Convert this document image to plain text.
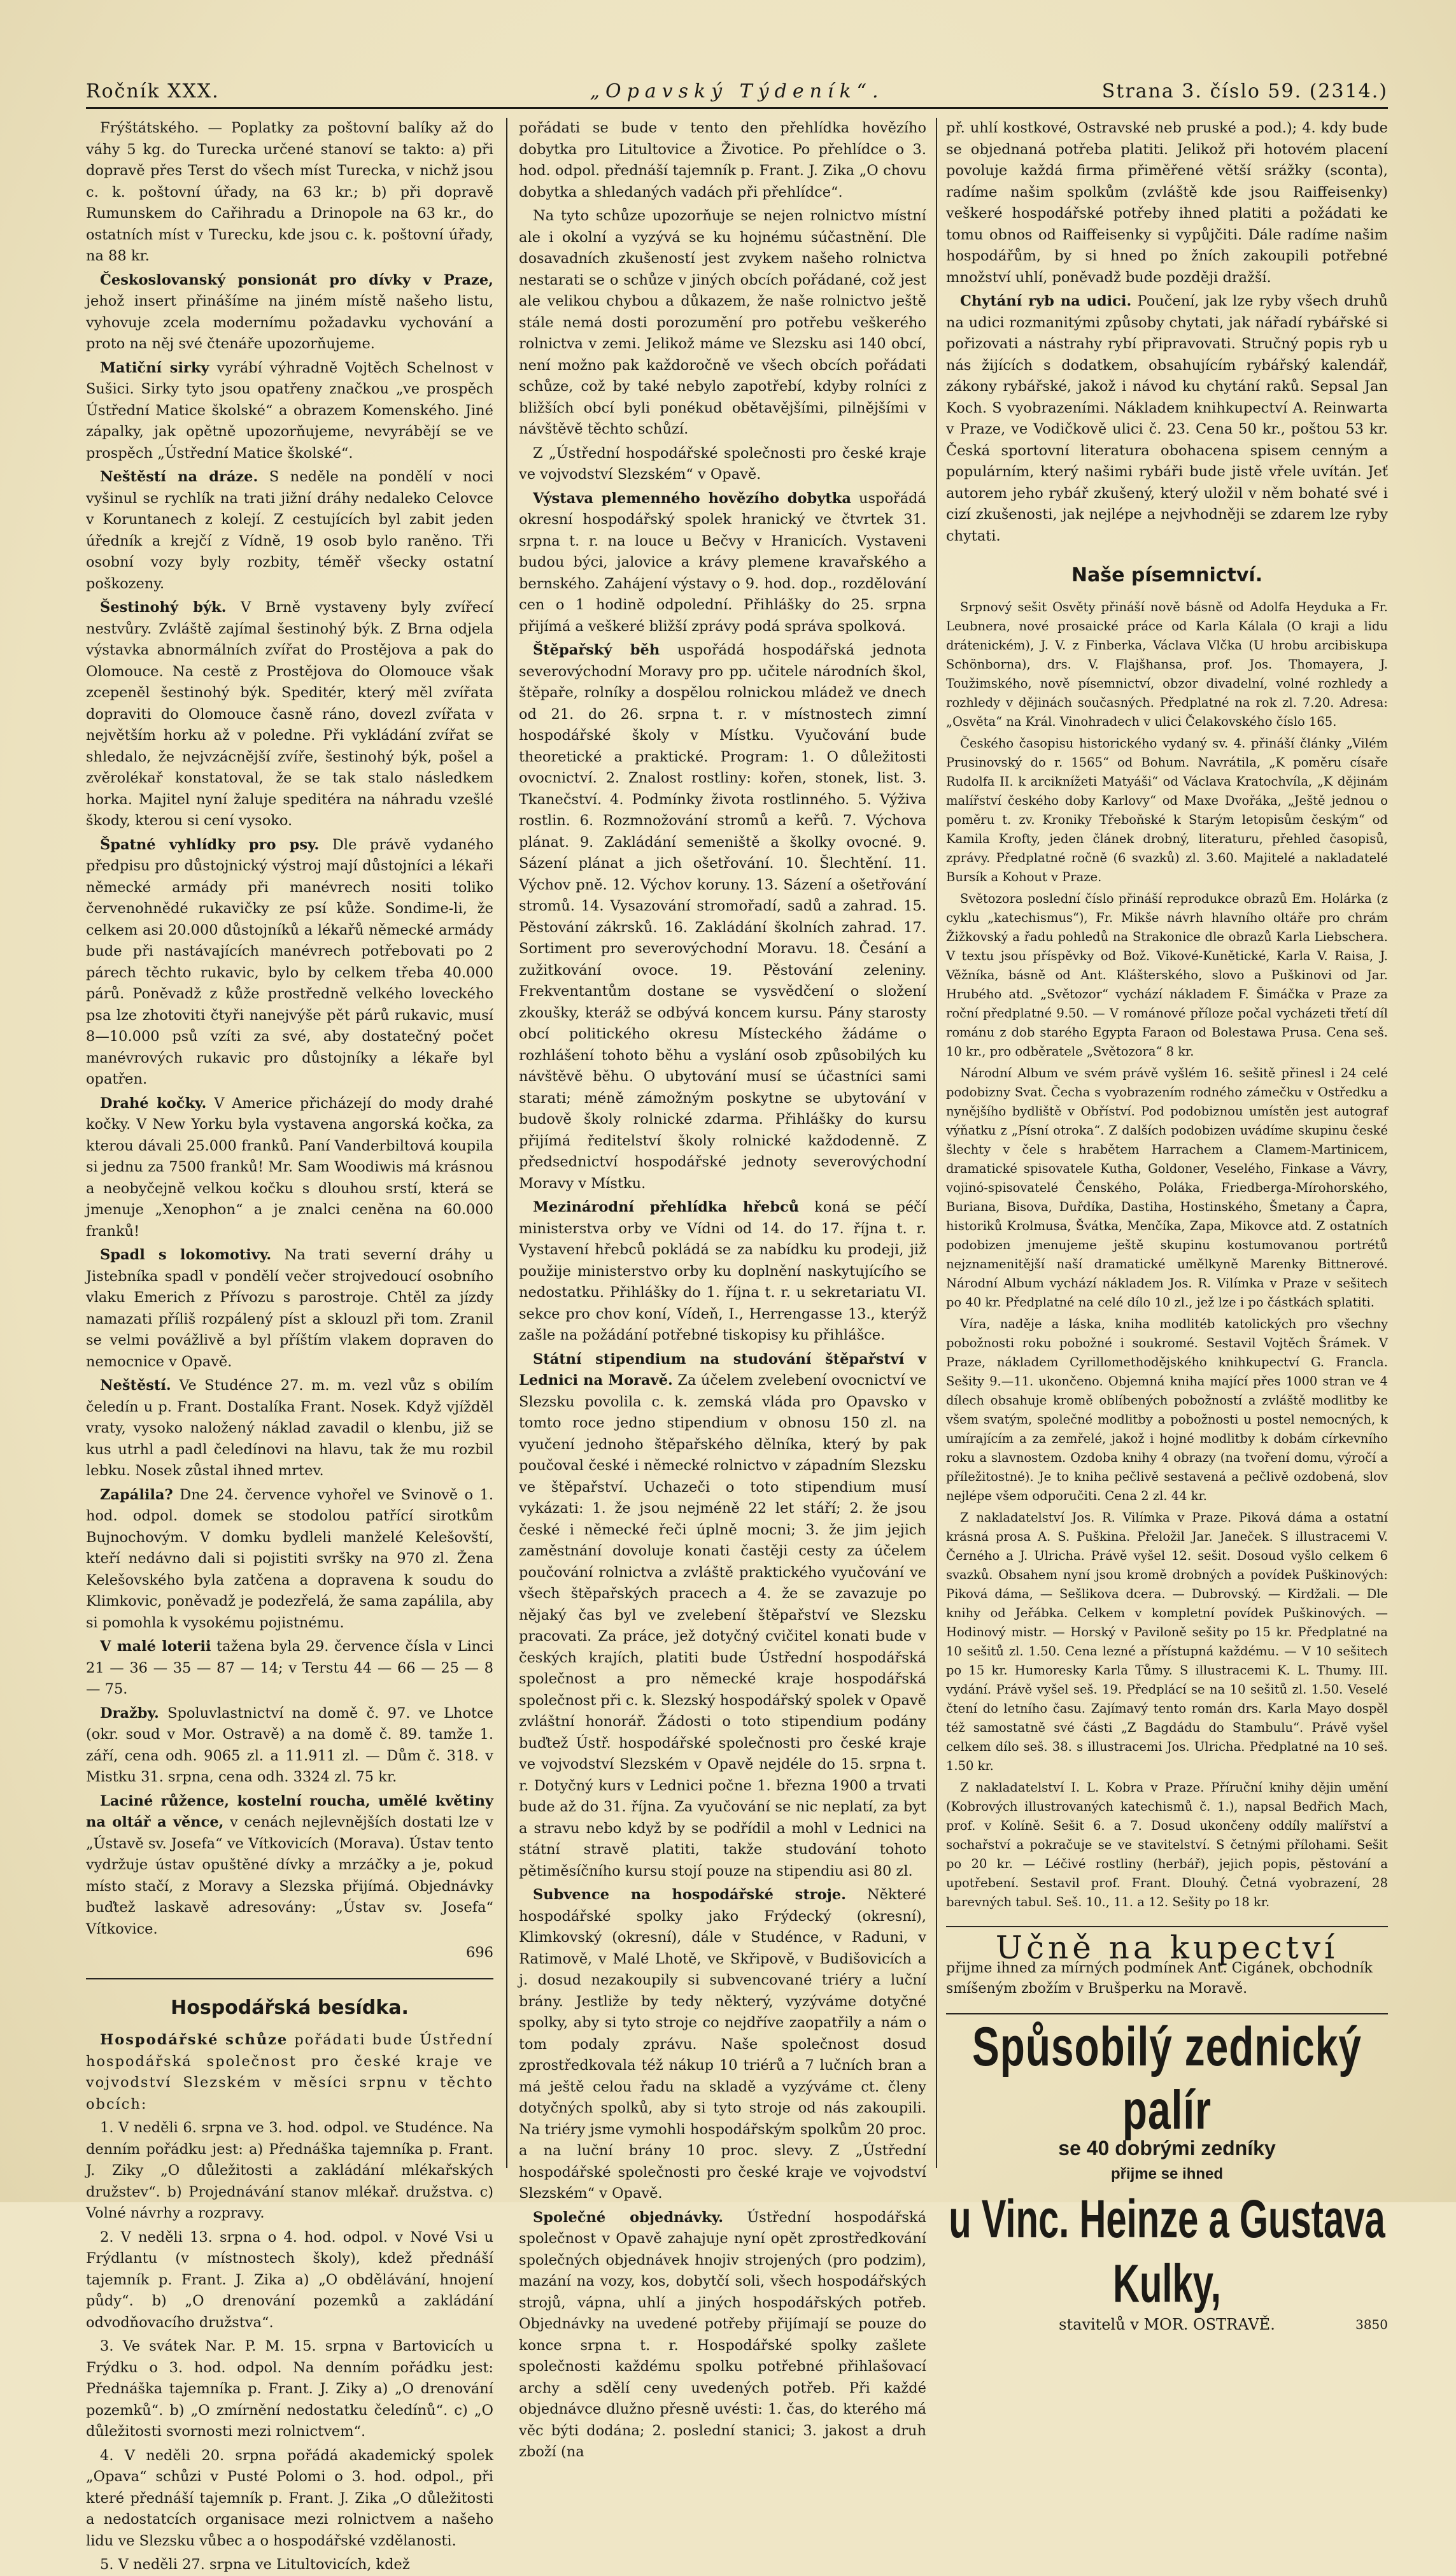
Ročník XXX.	„Opavský Týdeník“.	Strana 3. číslo 59. (2314.)

Frýštátského. — Poplatky za poštovní balíky až do váhy 5 kg. do Turecka určené stanoví se takto: a) při dopravě přes Terst do všech míst Turecka, v nichž jsou c. k. poštovní úřady, na 63 kr.; b) při dopravě Rumunskem do Cařihradu a Drinopole na 63 kr., do ostatních míst v Turecku, kde jsou c. k. poštovní úřady, na 88 kr.

Českoslovanský ponsionát pro dívky v Praze, jehož insert přinášíme na jiném místě našeho listu, vyhovuje zcela modernímu požadavku vychování a proto na něj své čtenáře upozorňujeme.

Matiční sirky vyrábí výhradně Vojtěch Schelnost v Sušici. Sirky tyto jsou opatřeny značkou „ve prospěch Ústřední Matice školské“ a obrazem Komenského. Jiné zápalky, jak opětně upozorňujeme, nevyrábějí se ve prospěch „Ústřední Matice školské“.

Neštěstí na dráze. S neděle na pondělí v noci vyšinul se rychlík na trati jižní dráhy nedaleko Celovce v Koruntanech z kolejí. Z cestujících byl zabit jeden úředník a krejčí z Vídně, 19 osob bylo raněno. Tři osobní vozy byly rozbity, téměř všecky ostatní poškozeny.

Šestinohý býk. V Brně vystaveny byly zvířecí nestvůry. Zvláště zajímal šestinohý býk. Z Brna odjela výstavka abnormálních zvířat do Prostějova a pak do Olomouce. Na cestě z Prostějova do Olomouce však zcepeněl šestinohý býk. Speditér, který měl zvířata dopraviti do Olomouce časně ráno, dovezl zvířata v největším horku až v poledne. Při vykládání zvířat se shledalo, že nejvzácnější zvíře, šestinohý býk, pošel a zvěrolékař konstatoval, že se tak stalo následkem horka. Majitel nyní žaluje speditéra na náhradu vzešlé škody, kterou si cení vysoko.

Špatné vyhlídky pro psy. Dle právě vydaného předpisu pro důstojnický výstroj mají důstojníci a lékaři německé armády při manévrech nositi toliko červenohnědé rukavičky ze psí kůže. Sondime-li, že celkem asi 20.000 důstojníků a lékařů německé armády bude při nastávajících manévrech potřebovati po 2 párech těchto rukavic, bylo by celkem třeba 40.000 párů. Poněvadž z kůže prostředně velkého loveckého psa lze zhotoviti čtyři nanejvýše pět párů rukavic, musí 8—10.000 psů vzíti za své, aby dostatečný počet manévrových rukavic pro důstojníky a lékaře byl opatřen.

Drahé kočky. V Americe přicházejí do mody drahé kočky. V New Yorku byla vystavena angorská kočka, za kterou dávali 25.000 franků. Paní Vanderbiltová koupila si jednu za 7500 franků! Mr. Sam Woodiwis má krásnou a neobyčejně velkou kočku s dlouhou srstí, která se jmenuje „Xenophon“ a je znalci ceněna na 60.000 franků!

Spadl s lokomotivy. Na trati severní dráhy u Jistebníka spadl v pondělí večer strojvedoucí osobního vlaku Emerich z Přívozu s parostroje. Chtěl za jízdy namazati příliš rozpálený píst a sklouzl při tom. Zranil se velmi povážlivě a byl příštím vlakem dopraven do nemocnice v Opavě.

Neštěstí. Ve Studénce 27. m. m. vezl vůz s obilím čeledín u p. Frant. Dostalíka Frant. Nosek. Když vjížděl vraty, vysoko naložený náklad zavadil o klenbu, již se kus utrhl a padl čeledínovi na hlavu, tak že mu rozbil lebku. Nosek zůstal ihned mrtev.

Zapálila? Dne 24. července vyhořel ve Svinově o 1. hod. odpol. domek se stodolou patřící sirotkům Bujnochovým. V domku bydleli manželé Kelešovští, kteří nedávno dali si pojistiti svršky na 970 zl. Žena Kelešovského byla zatčena a dopravena k soudu do Klimkovic, poněvadž je podezřelá, že sama zapálila, aby si pomohla k vysokému pojistnému.

V malé loterii tažena byla 29. července čísla v Linci 21 — 36 — 35 — 87 — 14; v Terstu 44 — 66 — 25 — 8 — 75.

Dražby. Spoluvlastnictví na domě č. 97. ve Lhotce (okr. soud v Mor. Ostravě) a na domě č. 89. tamže 1. září, cena odh. 9065 zl. a 11.911 zl. — Dům č. 318. v Mistku 31. srpna, cena odh. 3324 zl. 75 kr.

Laciné růžence, kostelní roucha, umělé květiny na oltář a věnce, v cenách nejlevnějších dostati lze v „Ústavě sv. Josefa“ ve Vítkovicích (Morava). Ústav tento vydržuje ústav opuštěné dívky a mrzáčky a je, pokud místo stačí, z Moravy a Slezska přijímá. Objednávky buďtež laskavě adresovány: „Ústav sv. Josefa“ Vítkovice.

696

Hospodářská besídka.

Hospodářské schůze pořádati bude Ústřední hospodářská společnost pro české kraje ve vojvodství Slezském v měsíci srpnu v těchto obcích:

1. V neděli 6. srpna ve 3. hod. odpol. ve Studénce. Na denním pořádku jest: a) Přednáška tajemníka p. Frant. J. Ziky „O důležitosti a zakládání mlékařských družstev“. b) Projednávání stanov mlékař. družstva. c) Volné návrhy a rozpravy.

2. V neděli 13. srpna o 4. hod. odpol. v Nové Vsi u Frýdlantu (v místnostech školy), kdež přednáší tajemník p. Frant. J. Zika a) „O obdělávání, hnojení půdy“. b) „O drenování pozemků a zakládání odvodňovacího družstva“.

3. Ve svátek Nar. P. M. 15. srpna v Bartovicích u Frýdku o 3. hod. odpol. Na denním pořádku jest: Přednáška tajemníka p. Frant. J. Ziky a) „O drenování pozemků“. b) „O zmírnění nedostatku čeledínů“. c) „O důležitosti svornosti mezi rolnictvem“.

4. V neděli 20. srpna pořádá akademický spolek „Opava“ schůzi v Pusté Polomi o 3. hod. odpol., při které přednáší tajemník p. Frant. J. Zika „O důležitosti a nedostatcích organisace mezi rolnictvem a našeho lidu ve Slezsku vůbec a o hospodářské vzdělanosti.

5. V neděli 27. srpna ve Litultovicích, kdež

pořádati se bude v tento den přehlídka hovězího dobytka pro Litultovice a Životice. Po přehlídce o 3. hod. odpol. přednáší tajemník p. Frant. J. Zika „O chovu dobytka a shledaných vadách při přehlídce“.

Na tyto schůze upozorňuje se nejen rolnictvo místní ale i okolní a vyzývá se ku hojnému súčastnění. Dle dosavadních zkušeností jest zvykem našeho rolnictva nestarati se o schůze v jiných obcích pořádané, což jest ale velikou chybou a důkazem, že naše rolnictvo ještě stále nemá dosti porozumění pro potřebu veškerého rolnictva v zemi. Jelikož máme ve Slezsku asi 140 obcí, není možno pak každoročně ve všech obcích pořádati schůze, což by také nebylo zapotřebí, kdyby rolníci z bližších obcí byli ponékud obětavějšími, pilnějšími v návštěvě těchto schůzí.

Z „Ústřední hospodářské společnosti pro české kraje ve vojvodství Slezském“ v Opavě.

Výstava plemenného hovězího dobytka uspořádá okresní hospodářský spolek hranický ve čtvrtek 31. srpna t. r. na louce u Bečvy v Hranicích. Vystaveni budou býci, jalovice a krávy plemene kravařského a bernského. Zahájení výstavy o 9. hod. dop., rozdělování cen o 1 hodině odpolední. Přihlášky do 25. srpna přijímá a veškeré bližší zprávy podá správa spolková.

Štěpařský běh uspořádá hospodářská jednota severovýchodní Moravy pro pp. učitele národních škol, štěpaře, rolníky a dospělou rolnickou mládež ve dnech od 21. do 26. srpna t. r. v místnostech zimní hospodářské školy v Místku. Vyučování bude theoretické a praktické. Program: 1. O důležitosti ovocnictví. 2. Znalost rostliny: kořen, stonek, list. 3. Tkanečství. 4. Podmínky života rostlinného. 5. Výživa rostlin. 6. Rozmnožování stromů a keřů. 7. Výchova plánat. 9. Zakládání semeniště a školky ovocné. 9. Sázení plánat a jich ošetřování. 10. Šlechtění. 11. Výchov pně. 12. Výchov koruny. 13. Sázení a ošetřování stromů. 14. Vysazování stromořadí, sadů a zahrad. 15. Pěstování zákrsků. 16. Zakládání školních zahrad. 17. Sortiment pro severovýchodní Moravu. 18. Česání a zužitkování ovoce. 19. Pěstování zeleniny. Frekventantům dostane se vysvědčení o složení zkoušky, kteráž se odbývá koncem kursu. Pány starosty obcí politického okresu Místeckého žádáme o rozhlášení tohoto běhu a vyslání osob způsobilých ku návštěvě běhu. O ubytování musí se účastníci sami starati; méně zámožným poskytne se ubytování v budově školy rolnické zdarma. Přihlášky do kursu přijímá ředitelství školy rolnické každodenně. Z předsednictví hospodářské jednoty severovýchodní Moravy v Místku.

Mezinárodní přehlídka hřebců koná se péčí ministerstva orby ve Vídni od 14. do 17. října t. r. Vystavení hřebců pokládá se za nabídku ku prodeji, již použije ministerstvo orby ku doplnění naskytujícího se nedostatku. Přihlášky do 1. října t. r. u sekretariatu VI. sekce pro chov koní, Vídeň, I., Herrengasse 13., kterýž zašle na požádání potřebné tiskopisy ku přihlášce.

Státní stipendium na studování štěpařství v Lednici na Moravě. Za účelem zvelebení ovocnictví ve Slezsku povolila c. k. zemská vláda pro Opavsko v tomto roce jedno stipendium v obnosu 150 zl. na vyučení jednoho štěpařského dělníka, který by pak poučoval české i německé rolnictvo v západním Slezsku ve štěpařství. Uchazeči o toto stipendium musí vykázati: 1. že jsou nejméně 22 let stáří; 2. že jsou české i německé řeči úplně mocni; 3. že jim jejich zaměstnání dovoluje konati častěji cesty za účelem poučování rolnictva a zvláště praktického vyučování ve všech štěpařských pracech a 4. že se zavazuje po nějaký čas byl ve zvelebení štěpařství ve Slezsku pracovati. Za práce, jež dotyčný cvičitel konati bude v českých krajích, platiti bude Ústřední hospodářská společnost a pro německé kraje hospodářská společnost při c. k. Slezský hospodářský spolek v Opavě zvláštní honorář. Žádosti o toto stipendium podány buďtež Ústř. hospodářské společnosti pro české kraje ve vojvodství Slezském v Opavě nejdéle do 15. srpna t. r. Dotyčný kurs v Lednici počne 1. března 1900 a trvati bude až do 31. října. Za vyučování se nic neplatí, za byt a stravu nebo když by se podřídil a mohl v Lednici na státní stravě platiti, takže studování tohoto pětiměsíčního kursu stojí pouze na stipendiu asi 80 zl.

Subvence na hospodářské stroje. Některé hospodářské spolky jako Frýdecký (okresní), Klimkovský (okresní), dále v Studénce, v Raduni, v Ratimově, v Malé Lhotě, ve Skřipově, v Budišovicích a j. dosud nezakoupily si subvencované triéry a luční brány. Jestliže by tedy některý, vyzýváme dotyčné spolky, aby si tyto stroje co nejdříve zaopatřily a nám o tom podaly zprávu. Naše společnost dosud zprostředkovala též nákup 10 triérů a 7 lučních bran a má ještě celou řadu na skladě a vyzýváme ct. členy dotyčných spolků, aby si tyto stroje od nás zakoupili. Na triéry jsme vymohli hospodářským spolkům 20 proc. a na luční brány 10 proc. slevy. Z „Ústřední hospodářské společnosti pro české kraje ve vojvodství Slezském“ v Opavě.

Společné objednávky. Ústřední hospodářská společnost v Opavě zahajuje nyní opět zprostředkování společných objednávek hnojiv strojených (pro podzim), mazání na vozy, kos, dobytčí soli, všech hospodářských strojů, vápna, uhlí a jiných hospodářských potřeb. Objednávky na uvedené potřeby přijímají se pouze do konce srpna t. r. Hospodářské spolky zašlete společnosti každému spolku potřebné přihlašovací archy a sdělí ceny uvedených potřeb. Při každé objednávce dlužno přesně uvésti: 1. čas, do kterého má věc býti dodána; 2. poslední stanici; 3. jakost a druh zboží (na

př. uhlí kostkové, Ostravské neb pruské a pod.); 4. kdy bude se objednaná potřeba platiti. Jelikož při hotovém placení povoluje každá firma přiměřené větší srážky (sconta), radíme našim spolkům (zvláště kde jsou Raiffeisenky) veškeré hospodářské potřeby ihned platiti a požádati ke tomu obnos od Raiffeisenky si vypůjčiti. Dále radíme našim hospodářům, by si hned po žních zakoupili potřebné množství uhlí, poněvadž bude později dražší.

Chytání ryb na udici. Poučení, jak lze ryby všech druhů na udici rozmanitými způsoby chytati, jak nářadí rybářské si pořizovati a nástrahy rybí připravovati. Stručný popis ryb u nás žijících s dodatkem, obsahujícím rybářský kalendář, zákony rybářské, jakož i návod ku chytání raků. Sepsal Jan Koch. S vyobrazeními. Nákladem knihkupectví A. Reinwarta v Praze, ve Vodičkově ulici č. 23. Cena 50 kr., poštou 53 kr. Česká sportovní literatura obohacena spisem cenným a populárním, který našimi rybáři bude jistě vřele uvítán. Jeť autorem jeho rybář zkušený, který uložil v něm bohaté své i cizí zkušenosti, jak nejlépe a nejvhodněji se zdarem lze ryby chytati.

Naše písemnictví.

Srpnový sešit Osvěty přináší nově básně od Adolfa Heyduka a Fr. Leubnera, nové prosaické práce od Karla Kálala (O kraji a lidu drátenickém), J. V. z Finberka, Václava Vlčka (U hrobu arcibiskupa Schönborna), drs. V. Flajšhansa, prof. Jos. Thomayera, J. Toužimského, nově písemnictví, obzor divadelní, volné rozhledy a rozhledy v dějinách současných. Předplatné na rok zl. 7.20. Adresa: „Osvěta“ na Král. Vinohradech v ulici Čelakovského číslo 165.

Českého časopisu historického vydaný sv. 4. přináší články „Vilém Prusinovský do r. 1565“ od Bohum. Navrátila, „K poměru císaře Rudolfa II. k arciknížeti Matyáši“ od Václava Kratochvíla, „K dějinám malířství českého doby Karlovy“ od Maxe Dvořáka, „Ještě jednou o poměru t. zv. Kroniky Třeboňské k Starým letopisům českým“ od Kamila Krofty, jeden článek drobný, literaturu, přehled časopisů, zprávy. Předplatné ročně (6 svazků) zl. 3.60. Majitelé a nakladatelé Bursík a Kohout v Praze.

Světozora poslední číslo přináší reprodukce obrazů Em. Holárka (z cyklu „katechismus“), Fr. Mikše návrh hlavního oltáře pro chrám Žižkovský a řadu pohledů na Strakonice dle obrazů Karla Liebschera. V textu jsou příspěvky od Bož. Vikové-Kunětické, Karla V. Raisa, J. Věžníka, básně od Ant. Klášterského, slovo a Puškinovi od Jar. Hrubého atd. „Světozor“ vychází nákladem F. Šimáčka v Praze za roční předplatné 9.50. — V románové příloze počal vycházeti třetí díl románu z dob starého Egypta Faraon od Bolestawa Prusa. Cena seš. 10 kr., pro odběratele „Světozora“ 8 kr.

Národní Album ve svém právě vyšlém 16. sešitě přinesl i 24 celé podobizny Svat. Čecha s vyobrazením rodného zámečku v Ostředku a nynějšího bydliště v Obříství. Pod podobiznou umístěn jest autograf výňatku z „Písní otroka“. Z dalších podobizen uvádíme skupinu české šlechty v čele s hrabětem Harrachem a Clamem-Martinicem, dramatické spisovatele Kutha, Goldoner, Veselého, Finkase a Vávry, vojinó-spisovatelé Čenského, Poláka, Friedberga-Mírohorského, Buriana, Bisova, Duřdíka, Dastiha, Hostinského, Šmetany a Čapra, historiků Krolmusa, Švátka, Menčíka, Zapa, Mikovce atd. Z ostatních podobizen jmenujeme ještě skupinu kostumovanou portrétů nejznamenitější naší dramatické umělkyně Marenky Bittnerové. Národní Album vychází nákladem Jos. R. Vilímka v Praze v sešitech po 40 kr. Předplatné na celé dílo 10 zl., jež lze i po částkách splatiti.

Víra, naděje a láska, kniha modlitéb katolických pro všechny pobožnosti roku pobožné i soukromé. Sestavil Vojtěch Šrámek. V Praze, nákladem Cyrillomethodějského knihkupectví G. Francla. Sešity 9.—11. ukončeno. Objemná kniha mající přes 1000 stran ve 4 dílech obsahuje kromě oblíbených pobožností a zvláště modlitby ke všem svatým, společné modlitby a pobožnosti u postel nemocných, k umírajícím a za zemřelé, jakož i hojné modlitby k dobám církevního roku a slavnostem. Ozdoba knihy 4 obrazy (na tvoření domu, výročí a příležitostné). Je to kniha pečlivě sestavená a pečlivě ozdobená, slov nejlépe všem odporučiti. Cena 2 zl. 44 kr.

Z nakladatelství Jos. R. Vilímka v Praze. Piková dáma a ostatní krásná prosa A. S. Puškina. Přeložil Jar. Janeček. S illustracemi V. Černého a J. Ulricha. Právě vyšel 12. sešit. Dosoud vyšlo celkem 6 svazků. Obsahem nyní jsou kromě drobných a povídek Puškinových: Piková dáma, — Sešlikova dcera. — Dubrovský. — Kirdžali. — Dle knihy od Jeřábka. Celkem v kompletní povídek Puškinových. — Hodinový mistr. — Horský v Paviloně sešity po 15 kr. Předplatné na 10 sešitů zl. 1.50. Cena lezné a přístupná každému. — V 10 sešitech po 15 kr. Humoresky Karla Tůmy. S illustracemi K. L. Thumy. III. vydání. Právě vyšel seš. 19. Předplácí se na 10 sešitů zl. 1.50. Veselé čtení do letního času. Zajímavý tento román drs. Karla Mayo dospěl též samostatně své části „Z Bagdádu do Stambulu“. Právě vyšel celkem dílo seš. 38. s illustracemi Jos. Ulricha. Předplatné na 10 seš. 1.50 kr.

Z nakladatelství I. L. Kobra v Praze. Příruční knihy dějin umění (Kobrových illustrovaných katechismů č. 1.), napsal Bedřich Mach, prof. v Kolíně. Sešit 6. a 7. Dosud ukončeny oddíly malířství a sochařství a pokračuje se ve stavitelství. S četnými přílohami. Sešit po 20 kr. — Léčivé rostliny (herbář), jejich popis, pěstování a upotřebení. Sestavil prof. Frant. Dlouhý. Četná vyobrazení, 28 barevných tabul. Seš. 10., 11. a 12. Sešity po 18 kr.

Učně na kupectví

přijme ihned za mírných podmínek Ant. Cigánek, obchodník smíšeným zbožím v Brušperku na Moravě.

Spůsobilý zednický palír

se 40 dobrými zedníky

přijme se ihned

u Vinc. Heinze a Gustava Kulky,

stavitelů v MOR. OSTRAVĚ.	3850
